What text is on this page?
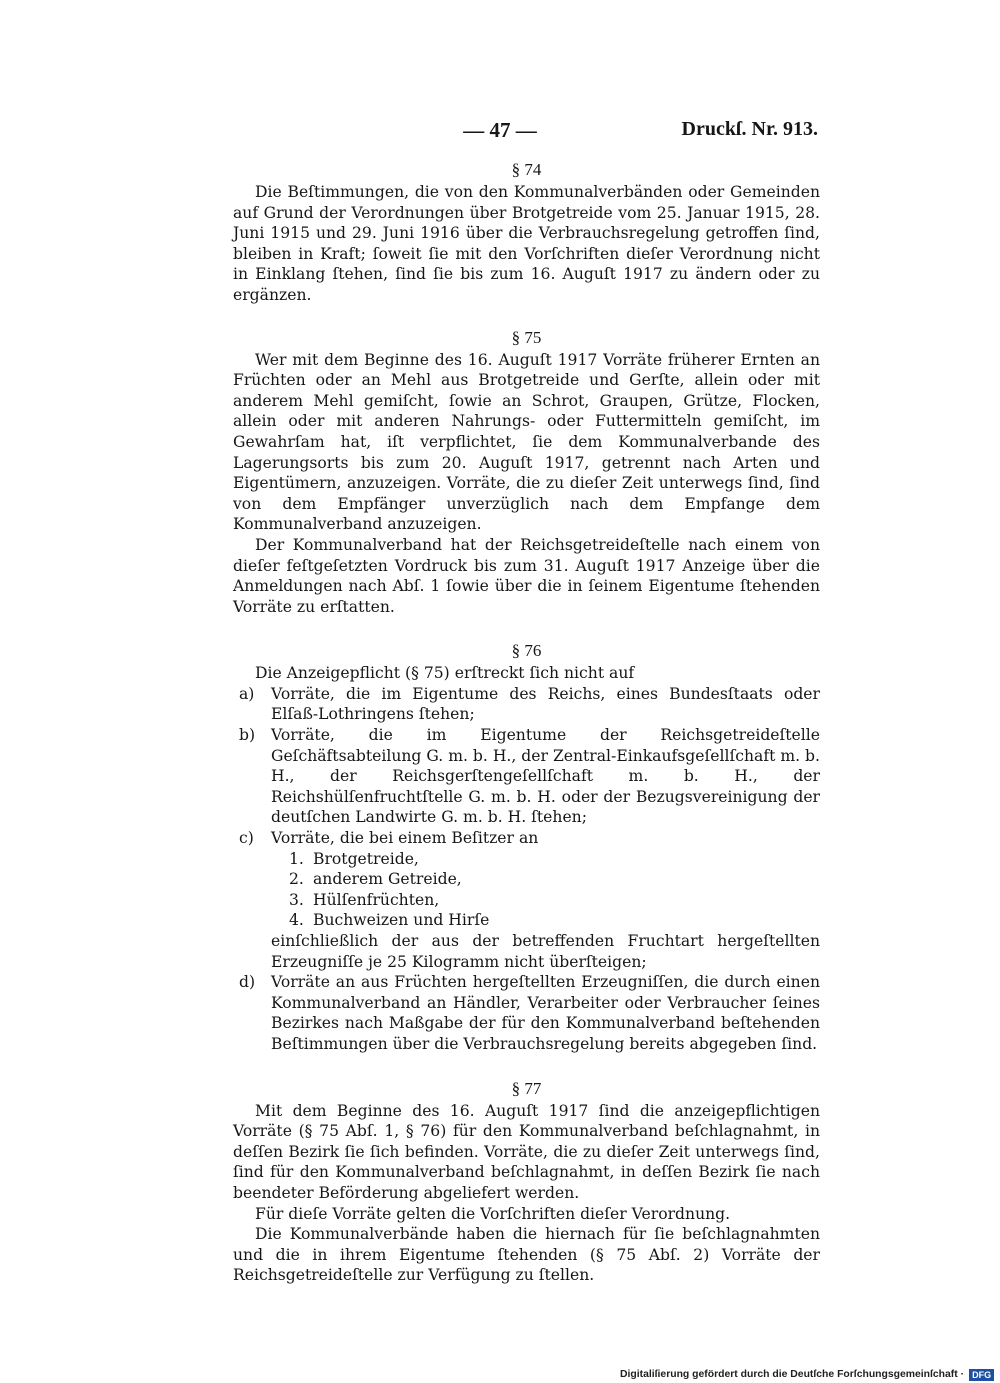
— 47 —	Druckſ. Nr. 913.

§ 74

Die Beſtimmungen, die von den Kommunalverbänden oder Gemeinden auf Grund der Verordnungen über Brotgetreide vom 25. Januar 1915, 28. Juni 1915 und 29. Juni 1916 über die Verbrauchsregelung getroffen ſind, bleiben in Kraft; ſoweit ſie mit den Vorſchriften dieſer Verordnung nicht in Einklang ſtehen, ſind ſie bis zum 16. Auguſt 1917 zu ändern oder zu ergänzen.

§ 75

Wer mit dem Beginne des 16. Auguſt 1917 Vorräte früherer Ernten an Früchten oder an Mehl aus Brotgetreide und Gerſte, allein oder mit anderem Mehl gemiſcht, ſowie an Schrot, Graupen, Grütze, Flocken, allein oder mit anderen Nahrungs- oder Futtermitteln gemiſcht, im Gewahrſam hat, iſt verpflichtet, ſie dem Kommunalverbande des Lagerungsorts bis zum 20. Auguſt 1917, getrennt nach Arten und Eigentümern, anzuzeigen. Vorräte, die zu dieſer Zeit unterwegs ſind, ſind von dem Empfänger unverzüglich nach dem Empfange dem Kommunalverband anzuzeigen.

Der Kommunalverband hat der Reichsgetreideſtelle nach einem von dieſer feſtgeſetzten Vordruck bis zum 31. Auguſt 1917 Anzeige über die Anmeldungen nach Abſ. 1 ſowie über die in ſeinem Eigentume ſtehenden Vorräte zu erſtatten.

§ 76

Die Anzeigepflicht (§ 75) erſtreckt ſich nicht auf

a)	Vorräte, die im Eigentume des Reichs, eines Bundesſtaats oder Elſaß-Lothringens ſtehen;
b)	Vorräte, die im Eigentume der Reichsgetreideſtelle Geſchäftsabteilung G. m. b. H., der Zentral-Einkaufsgeſellſchaft m. b. H., der Reichsgerſtengeſellſchaft m. b. H., der Reichshülſenfruchtſtelle G. m. b. H. oder der Bezugsvereinigung der deutſchen Landwirte G. m. b. H. ſtehen;
c)	Vorräte, die bei einem Beſitzer an
1. Brotgetreide,
2. anderem Getreide,
3. Hülſenfrüchten,
4. Buchweizen und Hirſe
einſchließlich der aus der betreffenden Fruchtart hergeſtellten Erzeugniſſe je 25 Kilogramm nicht überſteigen;
d)	Vorräte an aus Früchten hergeſtellten Erzeugniſſen, die durch einen Kommunalverband an Händler, Verarbeiter oder Verbraucher ſeines Bezirkes nach Maßgabe der für den Kommunalverband beſtehenden Beſtimmungen über die Verbrauchsregelung bereits abgegeben ſind.

§ 77

Mit dem Beginne des 16. Auguſt 1917 ſind die anzeigepflichtigen Vorräte (§ 75 Abſ. 1, § 76) für den Kommunalverband beſchlagnahmt, in deſſen Bezirk ſie ſich befinden. Vorräte, die zu dieſer Zeit unterwegs ſind, ſind für den Kommunalverband beſchlagnahmt, in deſſen Bezirk ſie nach beendeter Beförderung abgeliefert werden.

Für dieſe Vorräte gelten die Vorſchriften dieſer Verordnung.

Die Kommunalverbände haben die hiernach für ſie beſchlagnahmten und die in ihrem Eigentume ſtehenden (§ 75 Abſ. 2) Vorräte der Reichsgetreideſtelle zur Verfügung zu ſtellen.

Digitaliſierung gefördert durch die Deutſche Forſchungsgemeinſchaft · DFG
